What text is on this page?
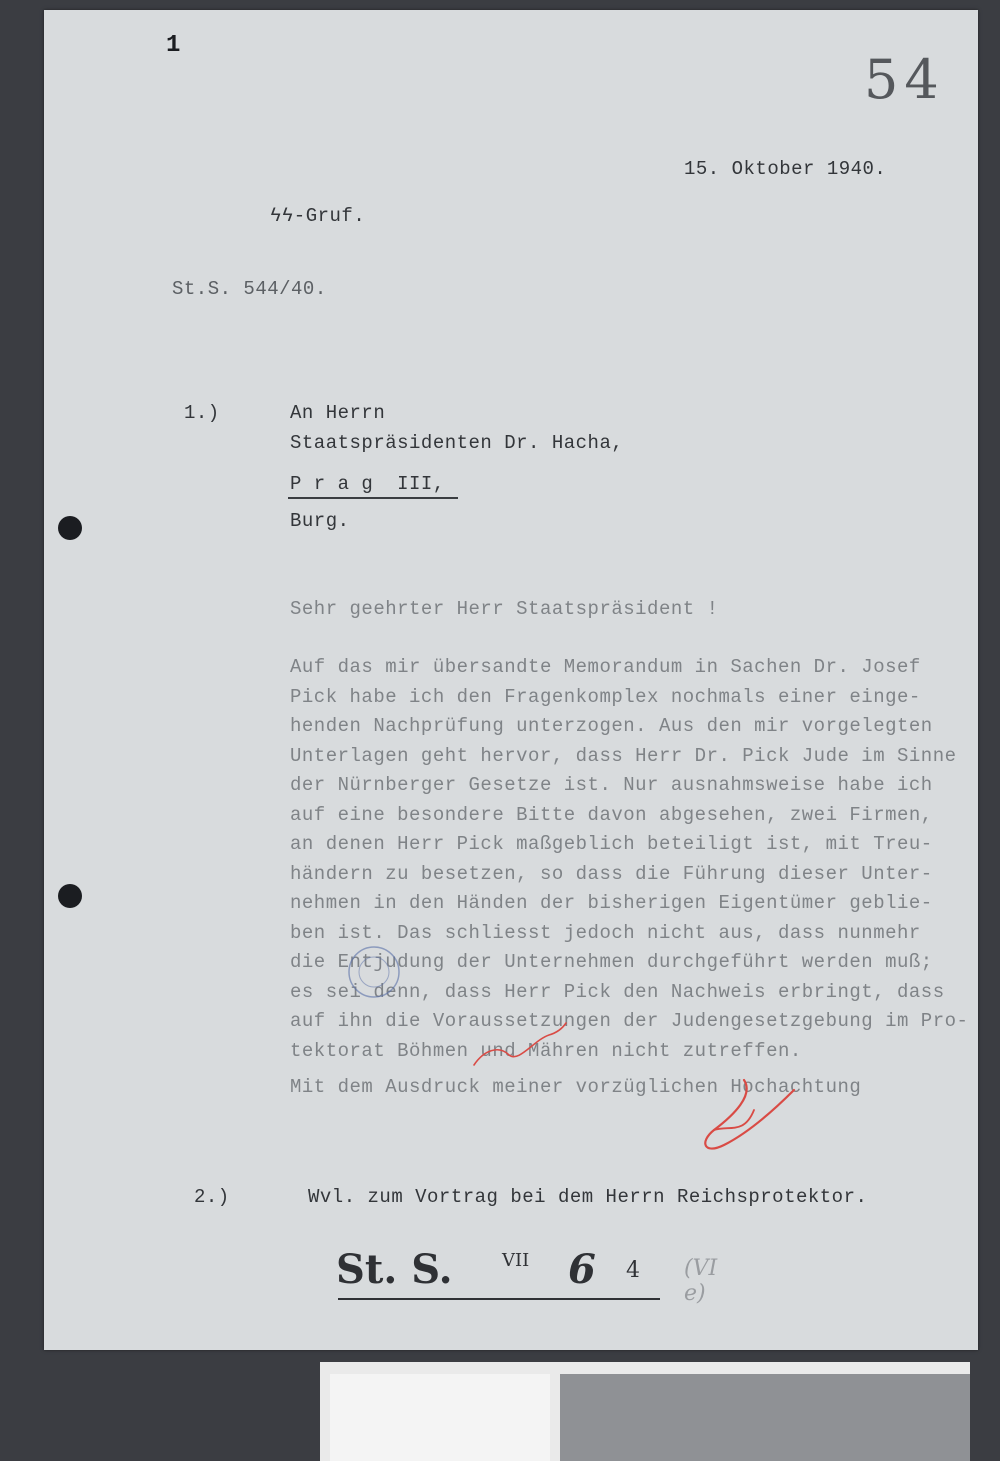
1
54
15. Oktober 1940.
ϟϟ-Gruf.
St.S. 544/40.
1.)	An Herrn
Staatspräsidenten Dr. Hacha,
P r a g  III,
Burg.
Sehr geehrter Herr Staatspräsident !
Auf das mir übersandte Memorandum in Sachen Dr. Josef
Pick habe ich den Fragenkomplex nochmals einer einge-
henden Nachprüfung unterzogen. Aus den mir vorgelegten
Unterlagen geht hervor, dass Herr Dr. Pick Jude im Sinne
der Nürnberger Gesetze ist. Nur ausnahmsweise habe ich
auf eine besondere Bitte davon abgesehen, zwei Firmen,
an denen Herr Pick maßgeblich beteiligt ist, mit Treu-
händern zu besetzen, so dass die Führung dieser Unter-
nehmen in den Händen der bisherigen Eigentümer geblie-
ben ist. Das schliesst jedoch nicht aus, dass nunmehr
die Entjudung der Unternehmen durchgeführt werden muß;
es sei denn, dass Herr Pick den Nachweis erbringt, dass
auf ihn die Voraussetzungen der Judengesetzgebung im Pro-
tektorat Böhmen und Mähren nicht zutreffen.
Mit dem Ausdruck meiner vorzüglichen Hochachtung
2.)	Wvl. zum Vortrag bei dem Herrn Reichsprotektor.
St. S.	VII 6 4 (VI e)
